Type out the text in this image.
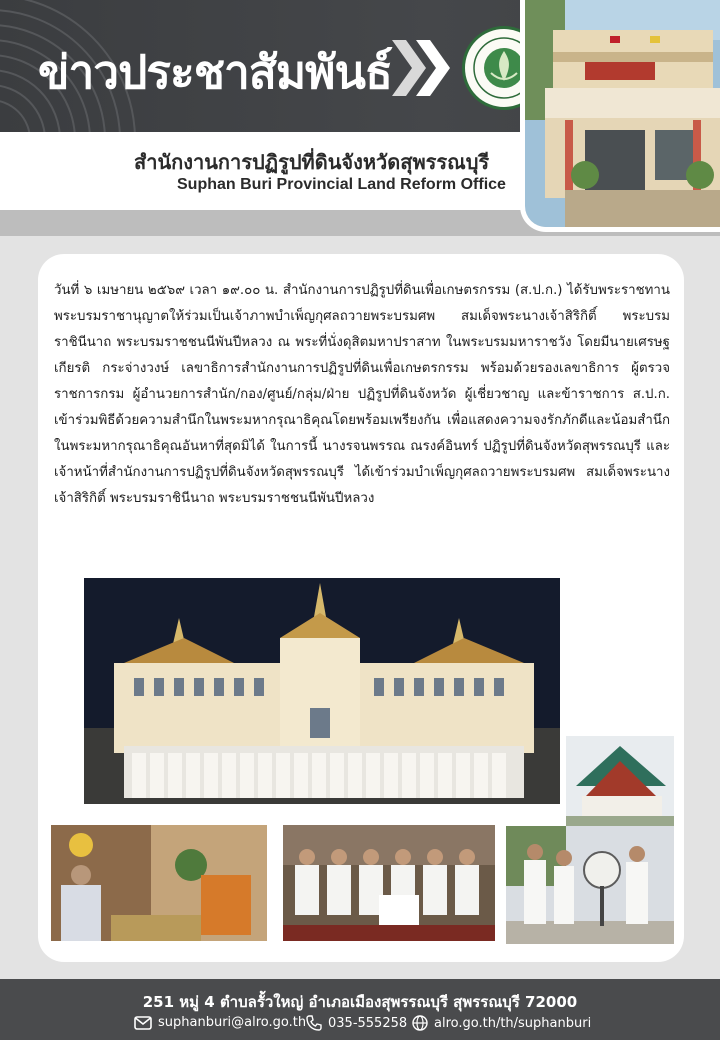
ข่าวประชาสัมพันธ์
สำนักงานการปฏิรูปที่ดินจังหวัดสุพรรณบุรี
Suphan Buri Provincial Land Reform Office

วันที่ ๖ เมษายน ๒๕๖๙ เวลา ๑๙.๐๐ น. สำนักงานการปฏิรูปที่ดินเพื่อเกษตรกรรม (ส.ป.ก.) ได้รับพระราชทานพระบรมราชานุญาตให้ร่วมเป็นเจ้าภาพบำเพ็ญกุศลถวายพระบรมศพ สมเด็จพระนางเจ้าสิริกิติ์ พระบรมราชินีนาถ พระบรมราชชนนีพันปีหลวง ณ พระที่นั่งดุสิตมหาปราสาท ในพระบรมมหาราชวัง โดยมีนายเศรษฐเกียรติ กระจ่างวงษ์ เลขาธิการสำนักงานการปฏิรูปที่ดินเพื่อเกษตรกรรม พร้อมด้วยรองเลขาธิการ ผู้ตรวจราชการกรม ผู้อำนวยการสำนัก/กอง/ศูนย์/กลุ่ม/ฝ่าย ปฏิรูปที่ดินจังหวัด ผู้เชี่ยวชาญ และข้าราชการ ส.ป.ก. เข้าร่วมพิธีด้วยความสำนึกในพระมหากรุณาธิคุณโดยพร้อมเพรียงกัน เพื่อแสดงความจงรักภักดีและน้อมสำนึกในพระมหากรุณาธิคุณอันหาที่สุดมิได้ ในการนี้ นางรจนพรรณ ณรงค์อินทร์ ปฏิรูปที่ดินจังหวัดสุพรรณบุรี และเจ้าหน้าที่สำนักงานการปฏิรูปที่ดินจังหวัดสุพรรณบุรี ได้เข้าร่วมบำเพ็ญกุศลถวายพระบรมศพ สมเด็จพระนางเจ้าสิริกิติ์ พระบรมราชินีนาถ พระบรมราชชนนีพันปีหลวง

251 หมู่ 4 ตำบลรั้วใหญ่ อำเภอเมืองสุพรรณบุรี สุพรรณบุรี 72000
suphanburi@alro.go.th 035-555258 alro.go.th/th/suphanburi
